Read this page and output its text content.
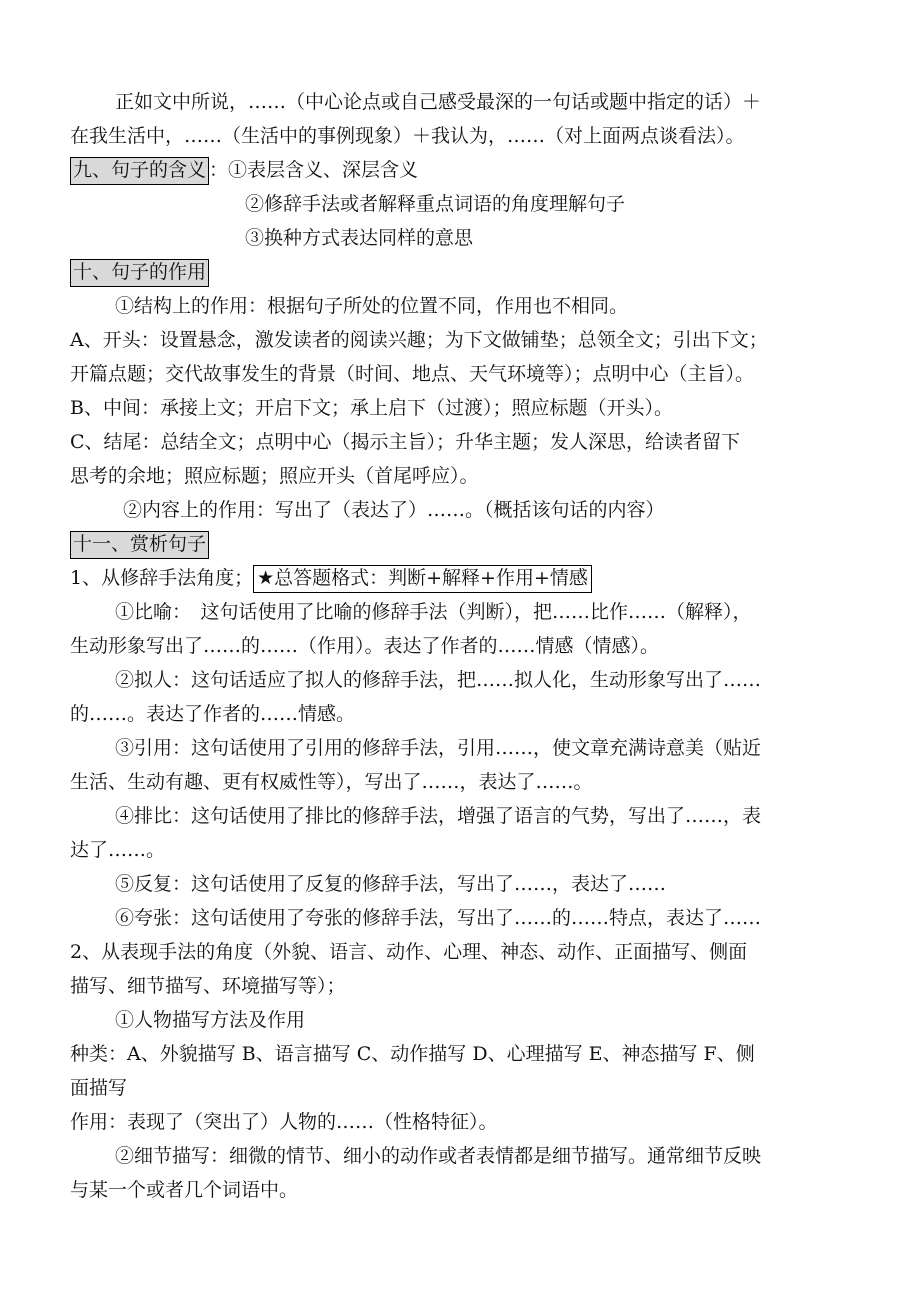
正如文中所说，……（中心论点或自己感受最深的一句话或题中指定的话）＋
在我生活中，……（生活中的事例现象）＋我认为，……（对上面两点谈看法）。
九、句子的含义 ：①表层含义、深层含义
②修辞手法或者解释重点词语的角度理解句子
③换种方式表达同样的意思
十、句子的作用
①结构上的作用：根据句子所处的位置不同，作用也不相同。
A、开头：设置悬念，激发读者的阅读兴趣；为下文做铺垫；总领全文；引出下文；
开篇点题；交代故事发生的背景（时间、地点、天气环境等）；点明中心（主旨）。
B、中间：承接上文；开启下文；承上启下（过渡）；照应标题（开头）。
C、结尾：总结全文；点明中心（揭示主旨）；升华主题；发人深思，给读者留下
思考的余地；照应标题；照应开头（首尾呼应）。
②内容上的作用：写出了（表达了）……。（概括该句话的内容）
十一、赏析句子
1、从修辞手法角度； ★总答题格式：判断+解释+作用+情感
①比喻：　这句话使用了比喻的修辞手法（判断），把……比作……（解释），
生动形象写出了……的……（作用）。表达了作者的……情感（情感）。
②拟人：这句话适应了拟人的修辞手法，把……拟人化，生动形象写出了……
的……。表达了作者的……情感。
③引用：这句话使用了引用的修辞手法，引用……，使文章充满诗意美（贴近
生活、生动有趣、更有权威性等），写出了……，表达了……。
④排比：这句话使用了排比的修辞手法，增强了语言的气势，写出了……，表
达了……。
⑤反复：这句话使用了反复的修辞手法，写出了……，表达了……
⑥夸张：这句话使用了夸张的修辞手法，写出了……的……特点，表达了……
2、从表现手法的角度（外貌、语言、动作、心理、神态、动作、正面描写、侧面
描写、细节描写、环境描写等）；
①人物描写方法及作用
种类：A、外貌描写 B、语言描写 C、动作描写 D、心理描写 E、神态描写 F、侧
面描写
作用：表现了（突出了）人物的……（性格特征）。
②细节描写：细微的情节、细小的动作或者表情都是细节描写。通常细节反映
与某一个或者几个词语中。
